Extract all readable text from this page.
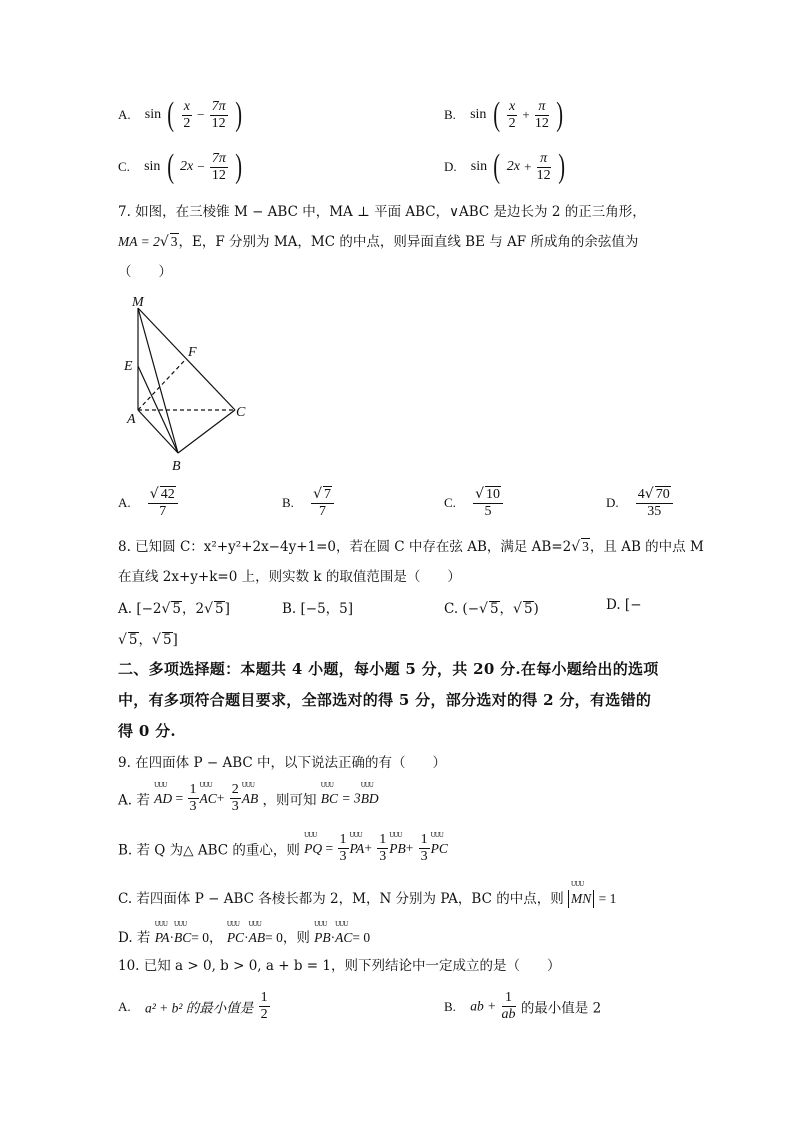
A. sin ( $\frac{x}{2} - \frac{7\pi}{12}$ )	B. sin ( $\frac{x}{2} + \frac{\pi}{12}$ )
C. sin ( $2x - \frac{7\pi}{12}$ )	D. sin ( $2x + \frac{\pi}{12}$ )
7. 如图，在三棱锥 M − ABC 中，MA ⊥ 平面 ABC，∨ABC 是边长为 2 的正三角形，
MA = 2√ 3，E，F 分别为 MA，MC 的中点，则异面直线 BE 与 AF 所成角的余弦值为
（　　）
M
E
F
A	C
B
A. $\frac{√ 42}{7}$	B. $\frac{√ 7}{7}$	C. $\frac{√ 10}{5}$	D. $\frac{4√ 70}{35}$
8. 已知圆 C：x²+y²+2x−4y+1=0，若在圆 C 中存在弦 AB，满足 AB=2√ 3，且 AB 的中点 M
在直线 2x+y+k=0 上，则实数 k 的取值范围是（　　）
A. [−2√ 5，2√ 5]	B. [−5，5]	C. (−√ 5，√ 5)	D. [−
√ 5，√ 5]
二、多项选择题：本题共 4 小题，每小题 5 分，共 20 分.在每小题给出的选项
中，有多项符合题目要求，全部选对的得 5 分，部分选对的得 2 分，有选错的
得 0 分.
9. 在四面体 P − ABC 中，以下说法正确的有（　　）
A. 若 UUU AD = $\frac{1}{3}$ UUU $AC+ \frac{2}{3}$ UUU AB ，则可知 UUU BC = 3UUU BD
B. 若 Q 为△ ABC 的重心，则 UUU PQ = $\frac{1}{3}$ UUU $PA+ \frac{1}{3}$ UUU $PB+ \frac{1}{3}$ UUU PC
C. 若四面体 P − ABC 各棱长都为 2，M，N 分别为 PA，BC 的中点，则 UUU MN = 1
D. 若 UUU PA·UUU BC= 0， UUU PC·UUU AB= 0，则 UUU PB·UUU AC= 0
10. 已知 a > 0, b > 0, a + b = 1，则下列结论中一定成立的是（　　）
A. a² + b² 的最小值是 $\frac{1}{2}$	B. ab + $\frac{1}{ab}$ 的最小值是 2
